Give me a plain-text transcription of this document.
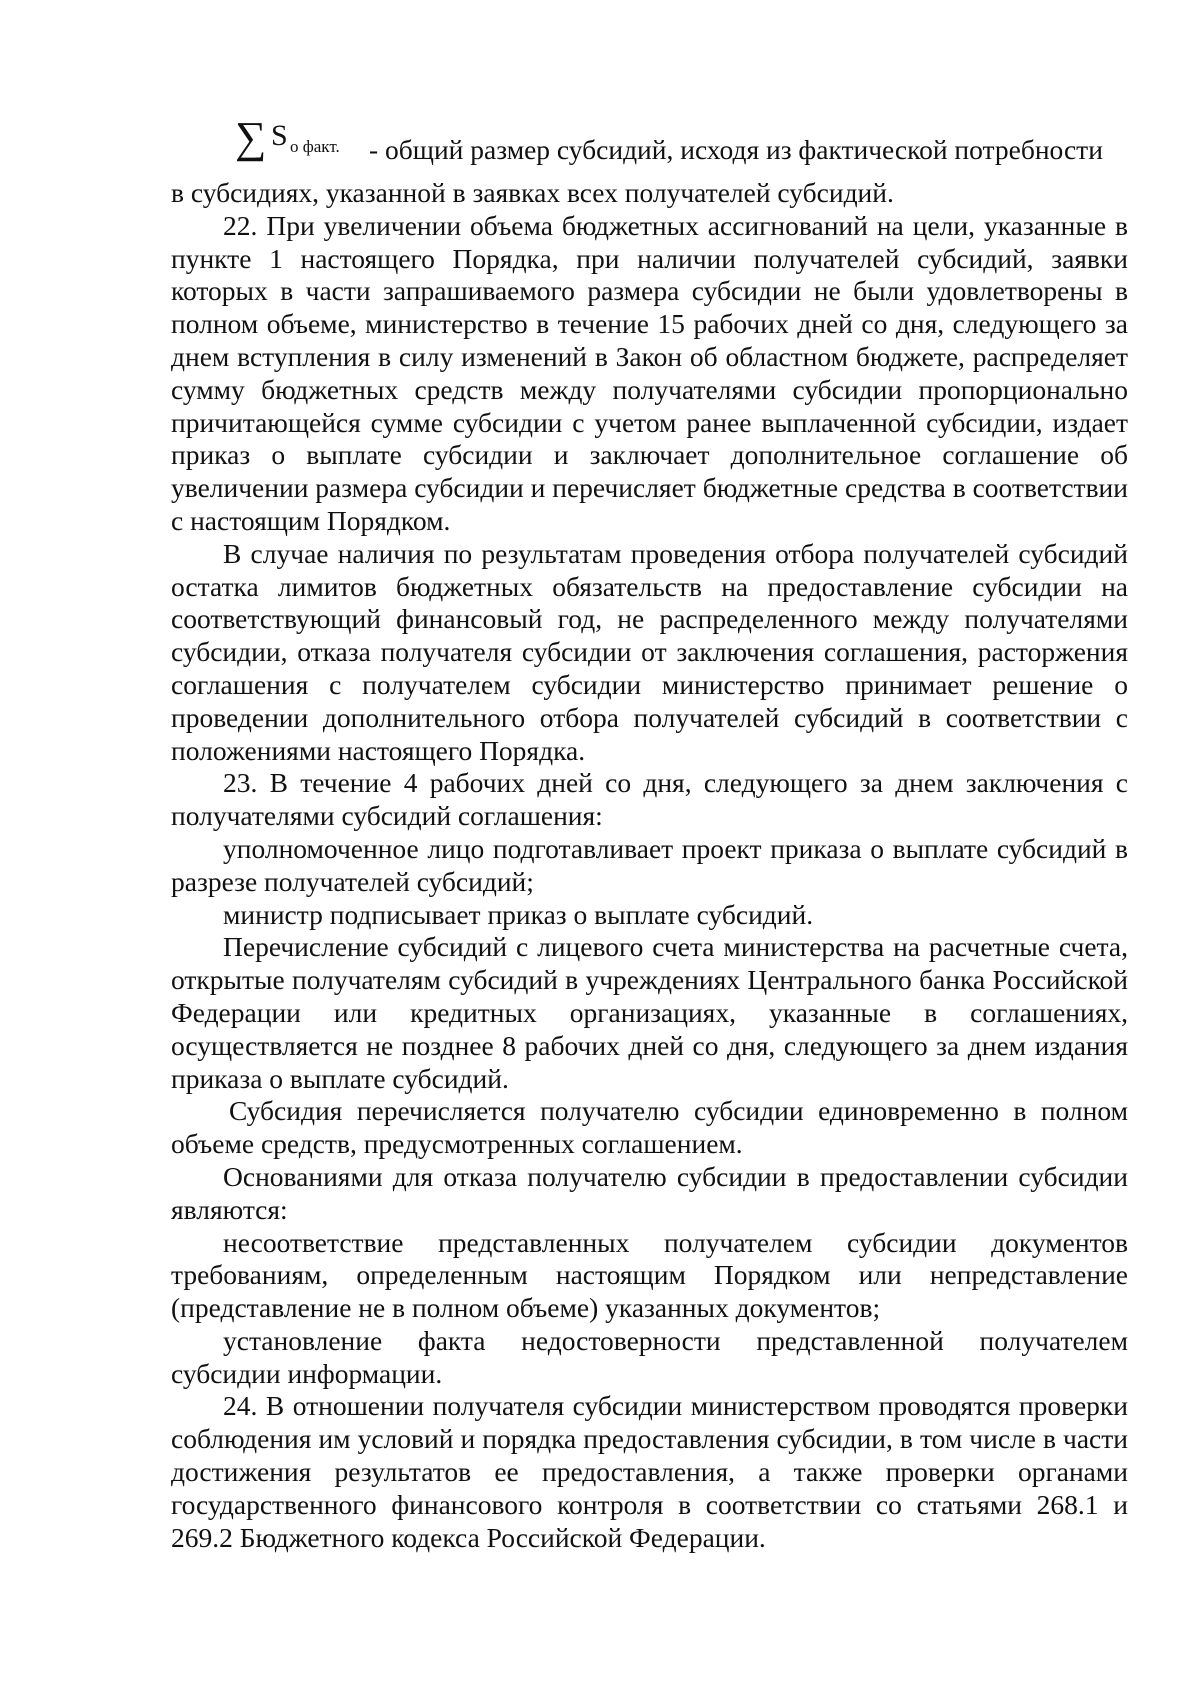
∑ S о факт. - общий размер субсидий, исходя из фактической потребности

в субсидиях, указанной в заявках всех получателей субсидий.

22. При увеличении объема бюджетных ассигнований на цели, указанные в пункте 1 настоящего Порядка, при наличии получателей субсидий, заявки которых в части запрашиваемого размера субсидии не были удовлетворены в полном объеме, министерство в течение 15 рабочих дней со дня, следующего за днем вступления в силу изменений в Закон об областном бюджете, распределяет сумму бюджетных средств между получателями субсидии пропорционально причитающейся сумме субсидии с учетом ранее выплаченной субсидии, издает приказ о выплате субсидии и заключает дополнительное соглашение об увеличении размера субсидии и перечисляет бюджетные средства в соответствии с настоящим Порядком.

В случае наличия по результатам проведения отбора получателей субсидий остатка лимитов бюджетных обязательств на предоставление субсидии на соответствующий финансовый год, не распределенного между получателями субсидии, отказа получателя субсидии от заключения соглашения, расторжения соглашения с получателем субсидии министерство принимает решение о проведении дополнительного отбора получателей субсидий в соответствии с положениями настоящего Порядка.

23. В течение 4 рабочих дней со дня, следующего за днем заключения с получателями субсидий соглашения:

уполномоченное лицо подготавливает проект приказа о выплате субсидий в разрезе получателей субсидий;

министр подписывает приказ о выплате субсидий.

Перечисление субсидий с лицевого счета министерства на расчетные счета, открытые получателям субсидий в учреждениях Центрального банка Российской Федерации или кредитных организациях, указанные в соглашениях, осуществляется не позднее 8 рабочих дней со дня, следующего за днем издания приказа о выплате субсидий.

Субсидия перечисляется получателю субсидии единовременно в полном объеме средств, предусмотренных соглашением.

Основаниями для отказа получателю субсидии в предоставлении субсидии являются:

несоответствие представленных получателем субсидии документов требованиям, определенным настоящим Порядком или непредставление (представление не в полном объеме) указанных документов;

установление факта недостоверности представленной получателем субсидии информации.

24. В отношении получателя субсидии министерством проводятся проверки соблюдения им условий и порядка предоставления субсидии, в том числе в части достижения результатов ее предоставления, а также проверки органами государственного финансового контроля в соответствии со статьями 268.1 и 269.2 Бюджетного кодекса Российской Федерации.
